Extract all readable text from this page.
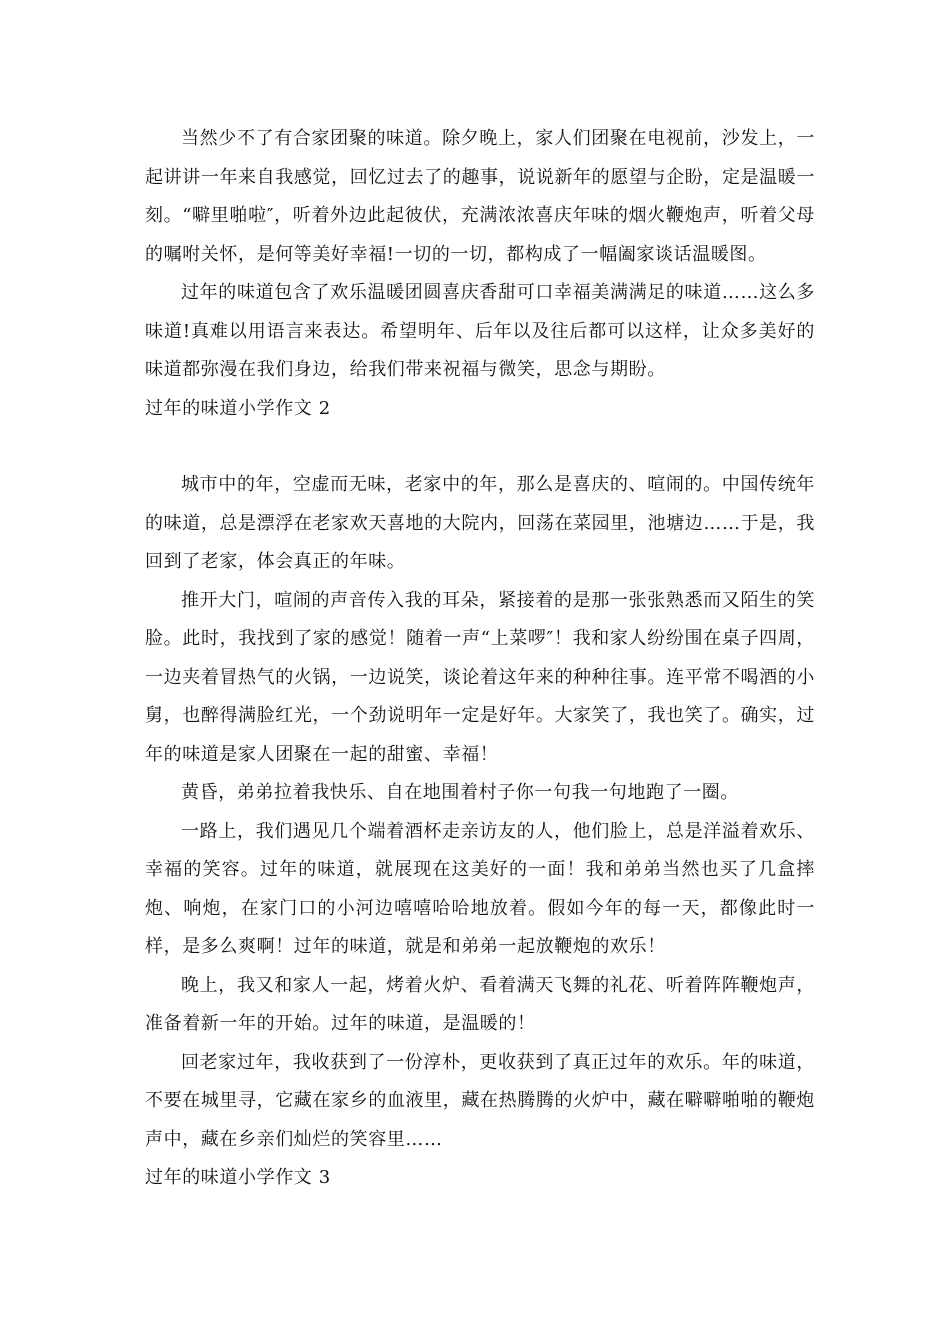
当然少不了有合家团聚的味道。除夕晚上，家人们团聚在电视前，沙发上，一起讲讲一年来自我感觉，回忆过去了的趣事，说说新年的愿望与企盼，定是温暖一刻。“噼里啪啦″，听着外边此起彼伏，充满浓浓喜庆年味的烟火鞭炮声，听着父母的嘱咐关怀，是何等美好幸福!一切的一切，都构成了一幅阖家谈话温暖图。

过年的味道包含了欢乐温暖团圆喜庆香甜可口幸福美满满足的味道……这么多味道!真难以用语言来表达。希望明年、后年以及往后都可以这样，让众多美好的味道都弥漫在我们身边，给我们带来祝福与微笑，思念与期盼。

过年的味道小学作文 2

城市中的年，空虚而无味，老家中的年，那么是喜庆的、喧闹的。中国传统年的味道，总是漂浮在老家欢天喜地的大院内，回荡在菜园里，池塘边……于是，我回到了老家，体会真正的年味。

推开大门，喧闹的声音传入我的耳朵，紧接着的是那一张张熟悉而又陌生的笑脸。此时，我找到了家的感觉！随着一声“上菜啰″！我和家人纷纷围在桌子四周，一边夹着冒热气的火锅，一边说笑，谈论着这年来的种种往事。连平常不喝酒的小舅，也醉得满脸红光，一个劲说明年一定是好年。大家笑了，我也笑了。确实，过年的味道是家人团聚在一起的甜蜜、幸福！

黄昏，弟弟拉着我快乐、自在地围着村子你一句我一句地跑了一圈。

一路上，我们遇见几个端着酒杯走亲访友的人，他们脸上，总是洋溢着欢乐、幸福的笑容。过年的味道，就展现在这美好的一面！我和弟弟当然也买了几盒摔炮、响炮，在家门口的小河边嘻嘻哈哈地放着。假如今年的每一天，都像此时一样，是多么爽啊！过年的味道，就是和弟弟一起放鞭炮的欢乐！

晚上，我又和家人一起，烤着火炉、看着满天飞舞的礼花、听着阵阵鞭炮声，准备着新一年的开始。过年的味道，是温暖的！

回老家过年，我收获到了一份淳朴，更收获到了真正过年的欢乐。年的味道，不要在城里寻，它藏在家乡的血液里，藏在热腾腾的火炉中，藏在噼噼啪啪的鞭炮声中，藏在乡亲们灿烂的笑容里……

过年的味道小学作文 3
